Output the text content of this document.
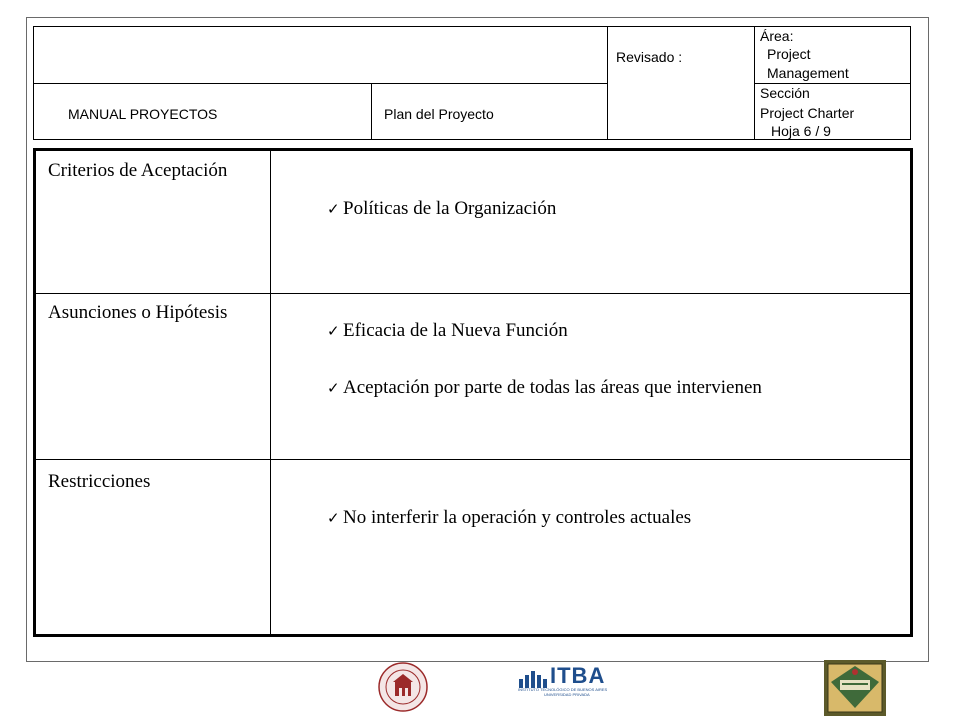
MANUAL PROYECTOS	Plan del Proyecto
Revisado :
Área:
Project
Management
Sección
Project Charter
Hoja 6 / 9
Criterios de Aceptación
Asunciones o Hipótesis
Restricciones
✓ Políticas de la Organización
✓ Eficacia de la Nueva Función
✓ Aceptación por parte de todas las áreas que intervienen
✓ No interferir la operación y controles actuales
ITBA
INSTITUTO TECNOLÓGICO DE BUENOS AIRES
UNIVERSIDAD PRIVADA
